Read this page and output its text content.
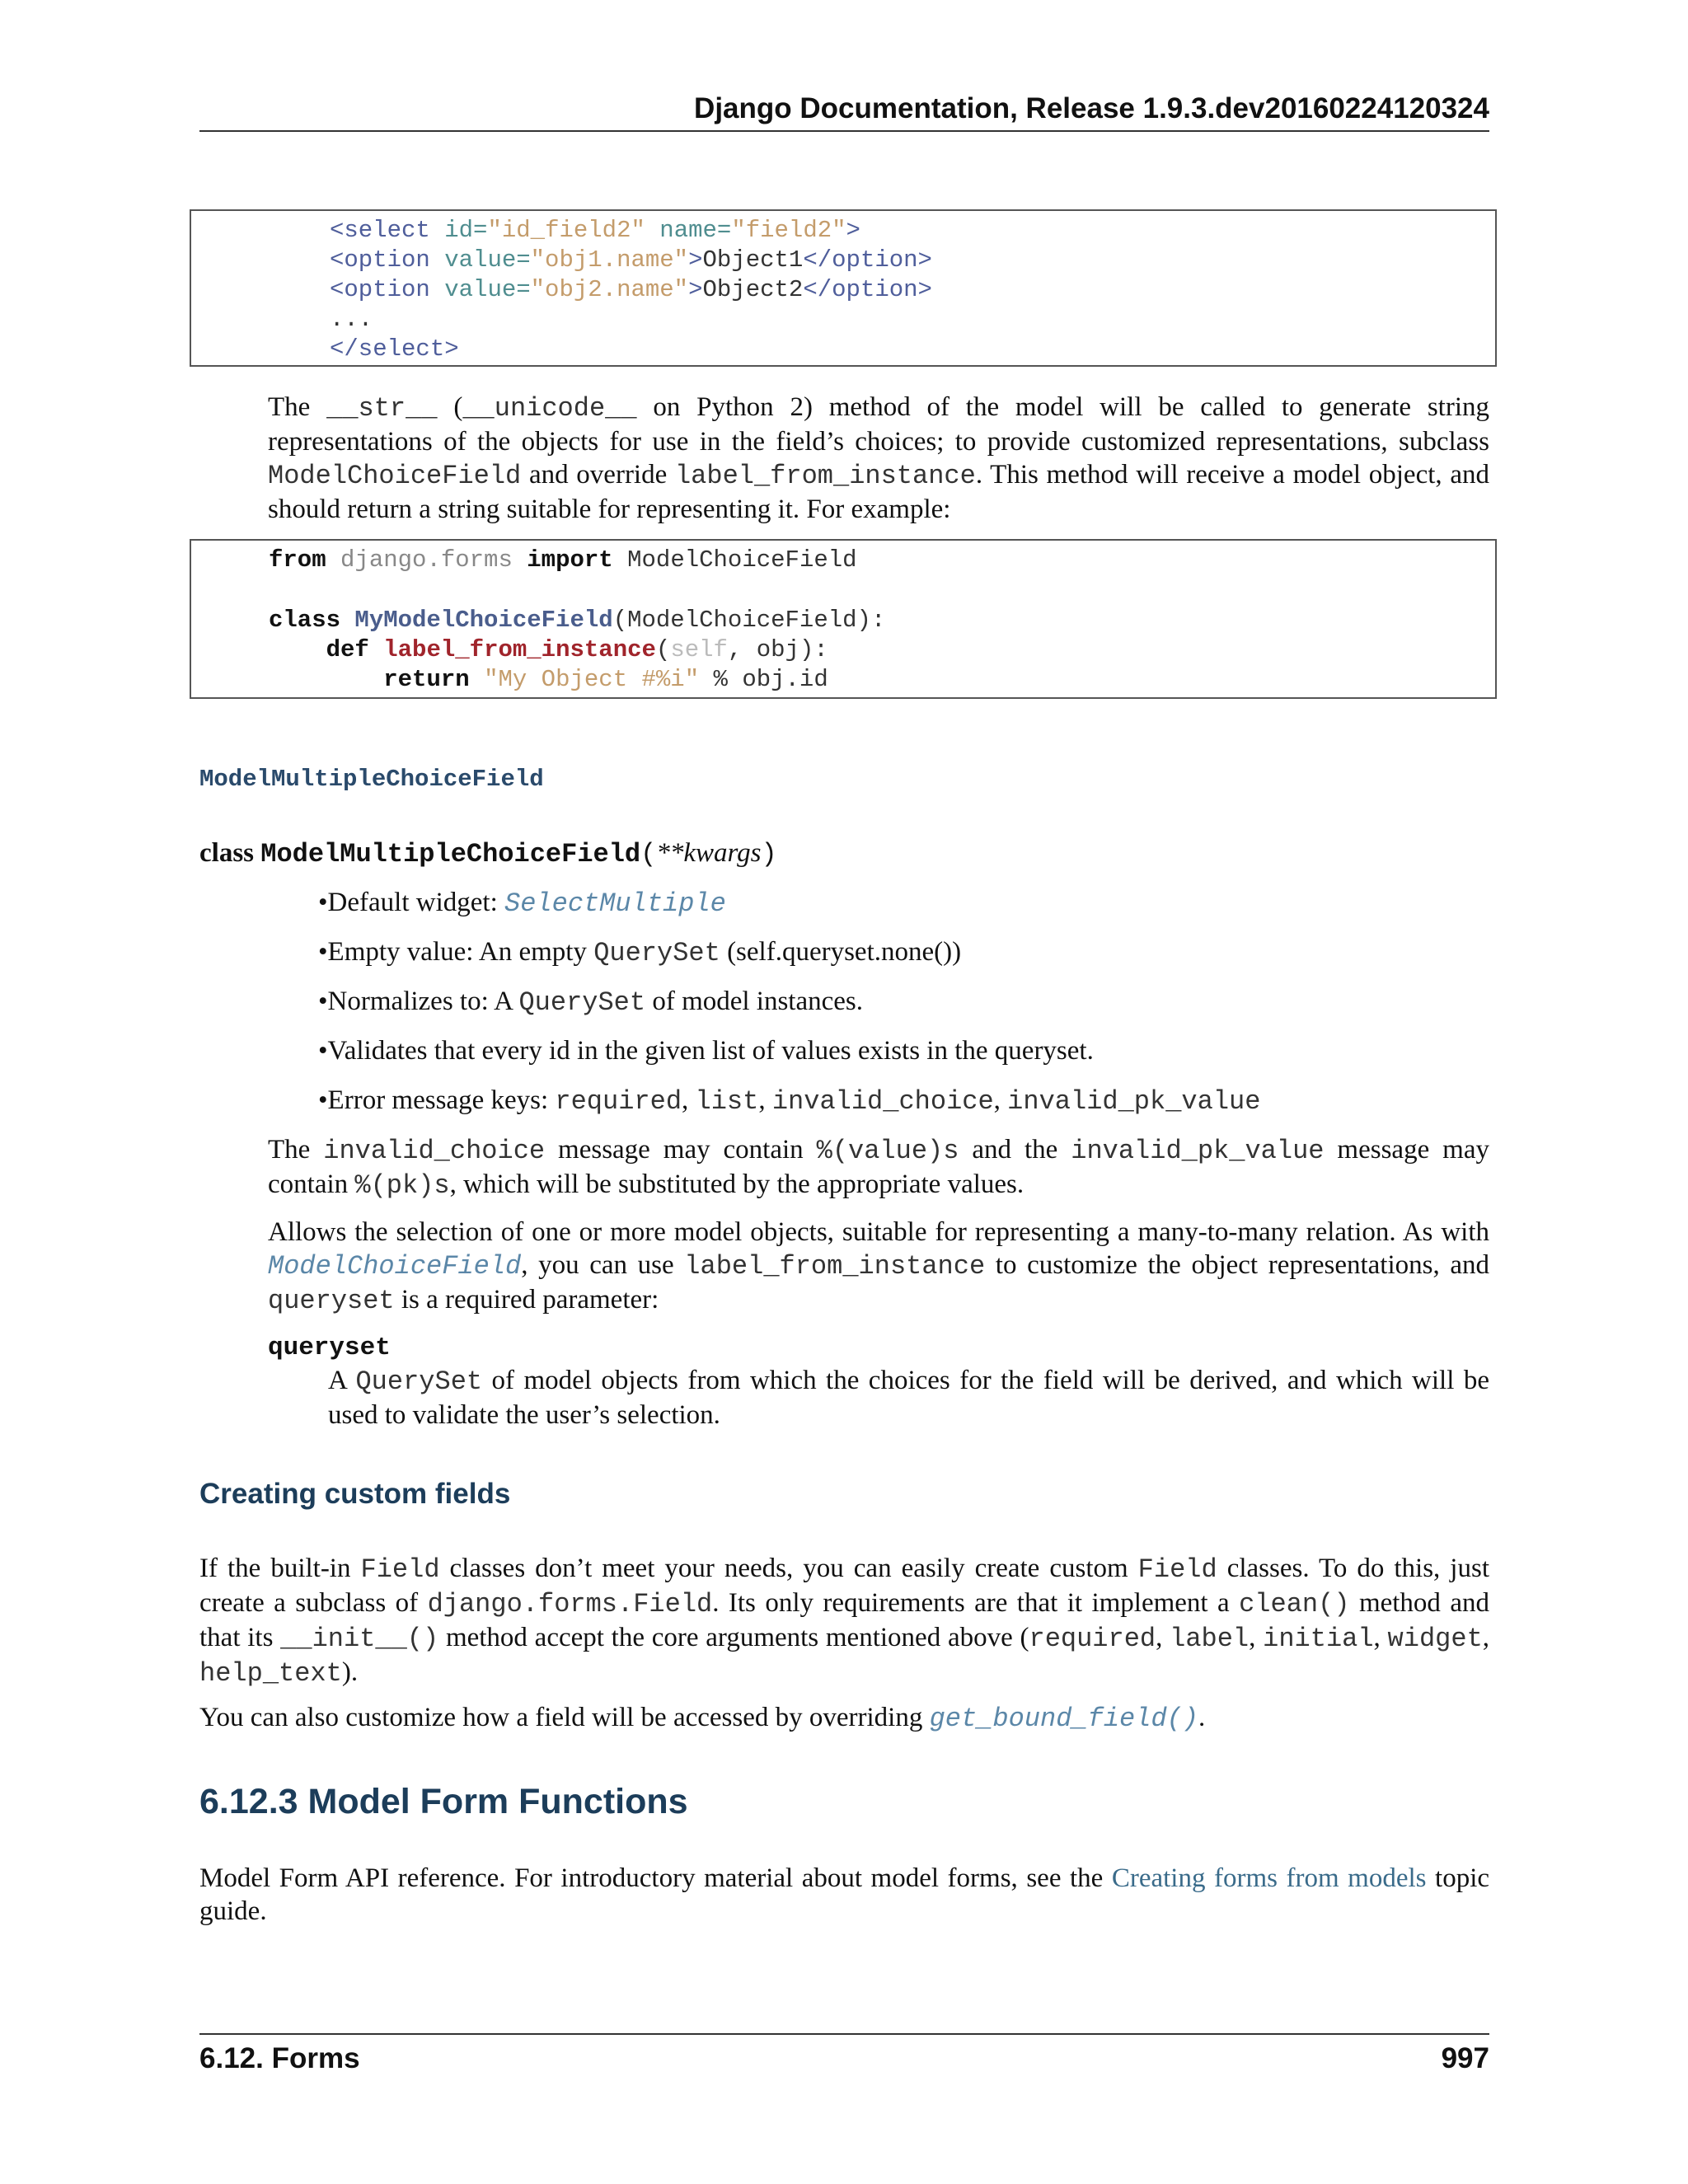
Django Documentation, Release 1.9.3.dev20160224120324
<select id="id_field2" name="field2">
<option value="obj1.name">Object1</option>
<option value="obj2.name">Object2</option>
...
</select>
The __str__ (__unicode__ on Python 2) method of the model will be called to generate string representations of the objects for use in the field’s choices; to provide customized representations, subclass ModelChoiceField and override label_from_instance. This method will receive a model object, and should return a string suitable for representing it. For example:
from django.forms import ModelChoiceField
class MyModelChoiceField(ModelChoiceField):
def label_from_instance(self, obj):
return "My Object #%i" % obj.id
ModelMultipleChoiceField
class ModelMultipleChoiceField(**kwargs)
•Default widget: SelectMultiple
•Empty value: An empty QuerySet (self.queryset.none())
•Normalizes to: A QuerySet of model instances.
•Validates that every id in the given list of values exists in the queryset.
•Error message keys: required, list, invalid_choice, invalid_pk_value
The invalid_choice message may contain %(value)s and the invalid_pk_value message may contain %(pk)s, which will be substituted by the appropriate values.
Allows the selection of one or more model objects, suitable for representing a many-to-many relation. As with ModelChoiceField, you can use label_from_instance to customize the object representations, and queryset is a required parameter:
queryset
A QuerySet of model objects from which the choices for the field will be derived, and which will be used to validate the user’s selection.
Creating custom fields
If the built-in Field classes don’t meet your needs, you can easily create custom Field classes. To do this, just create a subclass of django.forms.Field. Its only requirements are that it implement a clean() method and that its __init__() method accept the core arguments mentioned above (required, label, initial, widget, help_text).
You can also customize how a field will be accessed by overriding get_bound_field().
6.12.3 Model Form Functions
Model Form API reference. For introductory material about model forms, see the Creating forms from models topic guide.
6.12. Forms	997
